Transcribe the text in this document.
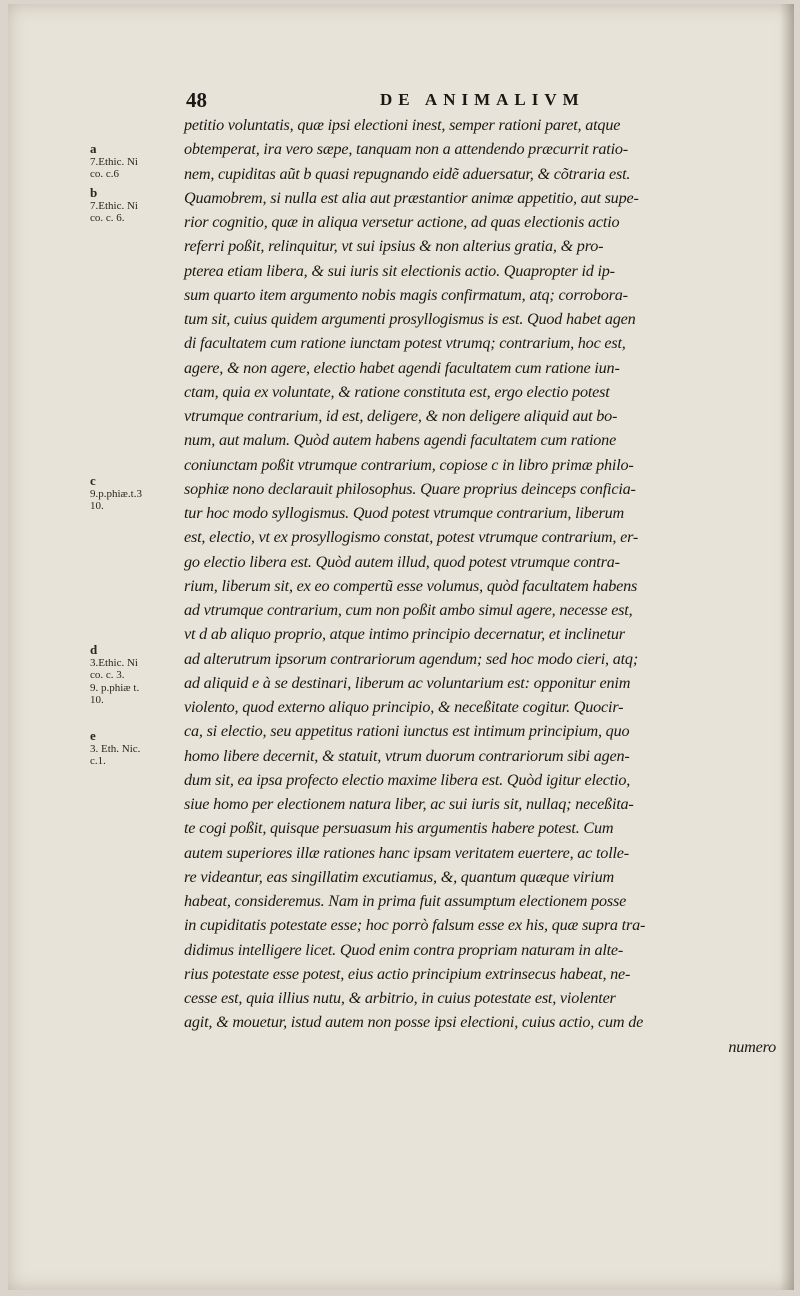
48	DE ANIMALIVM
a
7.Ethic. Ni
co. c.6
b
7.Ethic. Ni
co. c. 6.
c
9.p.phiæ.t.3
10.
d
3.Ethic. Ni
co. c. 3.
9. p.phiæ t.
10.
e
3. Eth. Nic.
c.1.
petitio voluntatis, quæ ipsi electioni inest, semper rationi paret, atque
obtemperat, ira vero sæpe, tanquam non a attendendo præcurrit ratio-
nem, cupiditas aũt b quasi repugnando eidẽ aduersatur, & cõtraria est.
Quamobrem, si nulla est alia aut præstantior animæ appetitio, aut supe-
rior cognitio, quæ in aliqua versetur actione, ad quas electionis actio
referri poßit, relinquitur, vt sui ipsius & non alterius gratia, & pro-
pterea etiam libera, & sui iuris sit electionis actio. Quapropter id ip-
sum quarto item argumento nobis magis confirmatum, atq; corrobora-
tum sit, cuius quidem argumenti prosyllogismus is est. Quod habet agen
di facultatem cum ratione iunctam potest vtrumq; contrarium, hoc est,
agere, & non agere, electio habet agendi facultatem cum ratione iun-
ctam, quia ex voluntate, & ratione constituta est, ergo electio potest
vtrumque contrarium, id est, deligere, & non deligere aliquid aut bo-
num, aut malum. Quòd autem habens agendi facultatem cum ratione
coniunctam poßit vtrumque contrarium, copiose c in libro primæ philo-
sophiæ nono declarauit philosophus. Quare proprius deinceps conficia-
tur hoc modo syllogismus. Quod potest vtrumque contrarium, liberum
est, electio, vt ex prosyllogismo constat, potest vtrumque contrarium, er-
go electio libera est. Quòd autem illud, quod potest vtrumque contra-
rium, liberum sit, ex eo compertũ esse volumus, quòd facultatem habens
ad vtrumque contrarium, cum non poßit ambo simul agere, necesse est,
vt d ab aliquo proprio, atque intimo principio decernatur, et inclinetur
ad alterutrum ipsorum contrariorum agendum; sed hoc modo cieri, atq;
ad aliquid e à se destinari, liberum ac voluntarium est: opponitur enim
violento, quod externo aliquo principio, & neceßitate cogitur. Quocir-
ca, si electio, seu appetitus rationi iunctus est intimum principium, quo
homo libere decernit, & statuit, vtrum duorum contrariorum sibi agen-
dum sit, ea ipsa profecto electio maxime libera est. Quòd igitur electio,
siue homo per electionem natura liber, ac sui iuris sit, nullaq; neceßita-
te cogi poßit, quisque persuasum his argumentis habere potest. Cum
autem superiores illæ rationes hanc ipsam veritatem euertere, ac tolle-
re videantur, eas singillatim excutiamus, &, quantum quæque virium
habeat, consideremus. Nam in prima fuit assumptum electionem posse
in cupiditatis potestate esse; hoc porrò falsum esse ex his, quæ supra tra-
didimus intelligere licet. Quod enim contra propriam naturam in alte-
rius potestate esse potest, eius actio principium extrinsecus habeat, ne-
cesse est, quia illius nutu, & arbitrio, in cuius potestate est, violenter
agit, & mouetur, istud autem non posse ipsi electioni, cuius actio, cum de
numero
